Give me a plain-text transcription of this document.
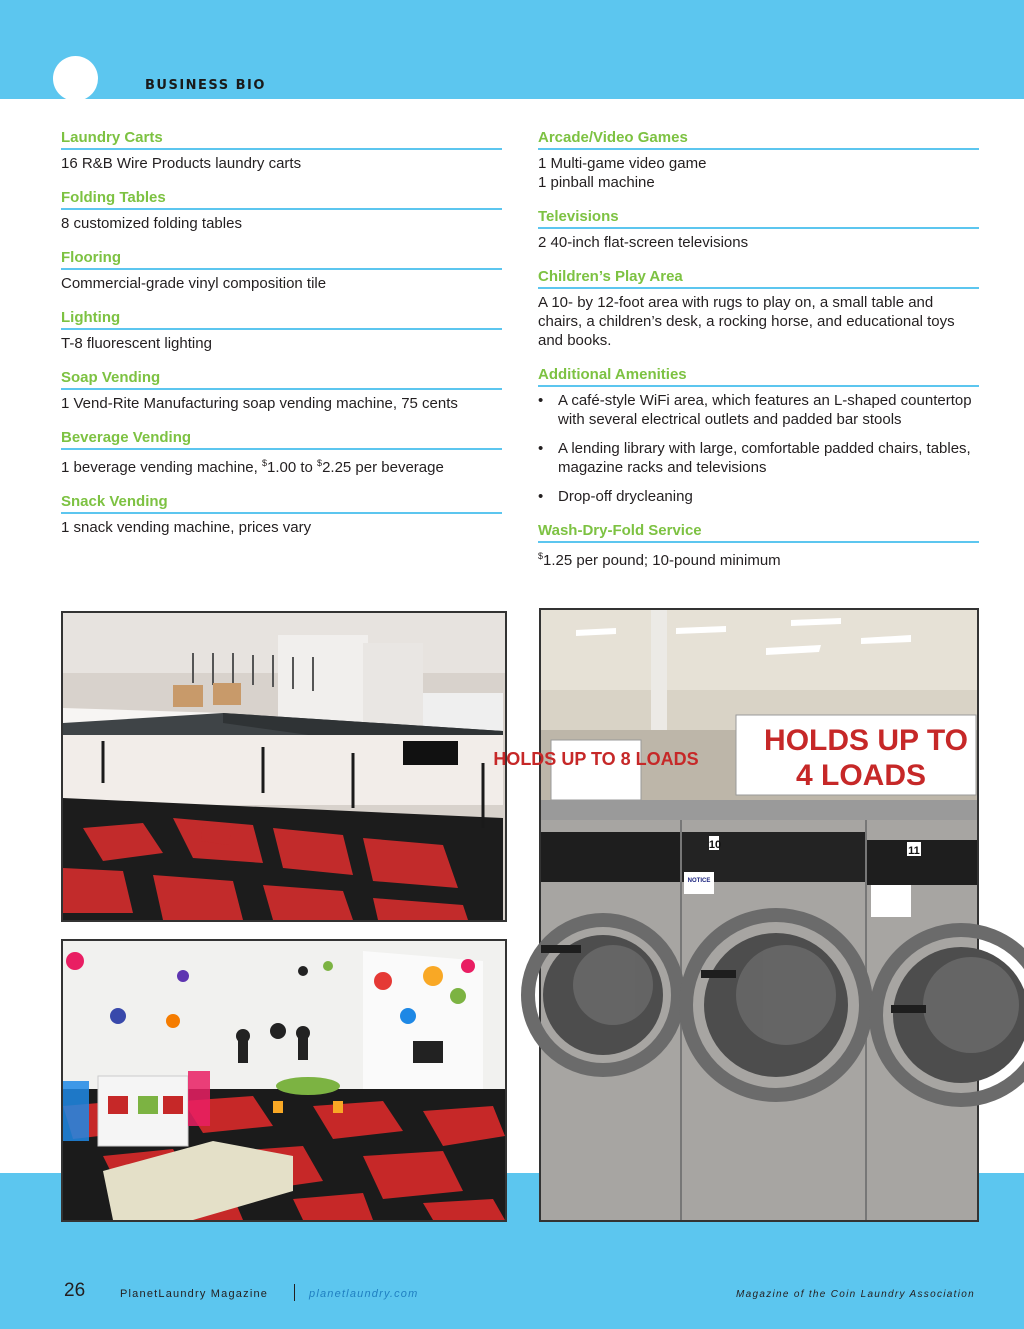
BUSINESS BIO
Laundry Carts

16 R&B Wire Products laundry carts

Folding Tables

8 customized folding tables

Flooring

Commercial-grade vinyl composition tile

Lighting

T-8 fluorescent lighting

Soap Vending

1 Vend-Rite Manufacturing soap vending machine, 75 cents

Beverage Vending

1 beverage vending machine, $1.00 to $2.25 per beverage

Snack Vending

1 snack vending machine, prices vary

Arcade/Video Games

1 Multi-game video game

1 pinball machine

Televisions

2 40-inch flat-screen televisions

Children’s Play Area

A 10- by 12-foot area with rugs to play on, a small table and chairs, a children’s desk, a rocking horse, and educational toys and books.

Additional Amenities
• A café-style WiFi area, which features an L-shaped countertop with several electrical outlets and padded bar stools
• A lending library with large, comfortable padded chairs, tables, magazine racks and televisions
• Drop-off drycleaning
Wash-Dry-Fold Service

$1.25 per pound; 10-pound minimum

HOLDS UP TO 8 LOADS
HOLDS UP TO
4 LOADS
10	11
NOTICE
26	PlanetLaundry Magazine	planetlaundry.com	Magazine of the Coin Laundry Association
